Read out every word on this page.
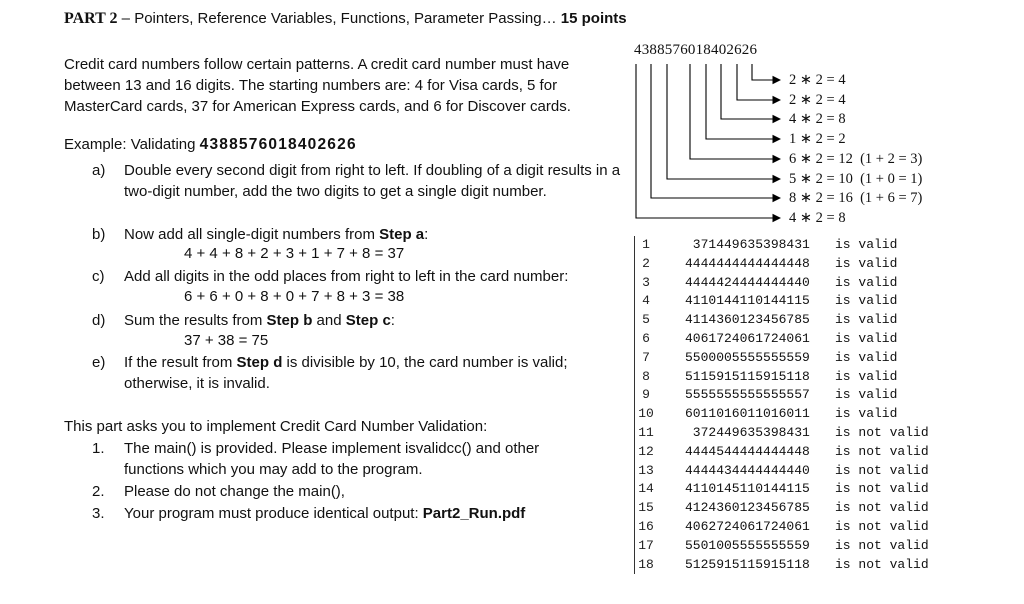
PART 2 – Pointers, Reference Variables, Functions, Parameter Passing… 15 points
Credit card numbers follow certain patterns. A credit card number must have between 13 and 16 digits. The starting numbers are: 4 for Visa cards, 5 for MasterCard cards, 37 for American Express cards, and 6 for Discover cards.
Example: Validating 4388576018402626
a) Double every second digit from right to left. If doubling of a digit results in a two-digit number, add the two digits to get a single digit number.
b) Now add all single-digit numbers from Step a:
4 + 4 + 8 + 2 + 3 + 1 + 7 + 8 = 37
c) Add all digits in the odd places from right to left in the card number:
6 + 6 + 0 + 8 + 0 + 7 + 8 + 3 = 38
d) Sum the results from Step b and Step c:
37 + 38 = 75
e) If the result from Step d is divisible by 10, the card number is valid; otherwise, it is invalid.
This part asks you to implement Credit Card Number Validation:
1. The main() is provided. Please implement isvalidcc() and other functions which you may add to the program.
2. Please do not change the main(),
3. Your program must produce identical output: Part2_Run.pdf
4388576018402626
2 ∗ 2 = 4
2 ∗ 2 = 4
4 ∗ 2 = 8
1 ∗ 2 = 2
6 ∗ 2 = 12  (1 + 2 = 3)
5 ∗ 2 = 10  (1 + 0 = 1)
8 ∗ 2 = 16  (1 + 6 = 7)
4 ∗ 2 = 8
1	371449635398431 is valid
2	4444444444444448 is valid
3	4444424444444440 is valid
4	4110144110144115 is valid
5	4114360123456785 is valid
6	4061724061724061 is valid
7	5500005555555559 is valid
8	5115915115915118 is valid
9	5555555555555557 is valid
10 6011016011016011 is valid
11 372449635398431 is not valid
12 4444544444444448 is not valid
13 4444434444444440 is not valid
14 4110145110144115 is not valid
15 4124360123456785 is not valid
16 4062724061724061 is not valid
17 5501005555555559 is not valid
18 5125915115915118 is not valid
